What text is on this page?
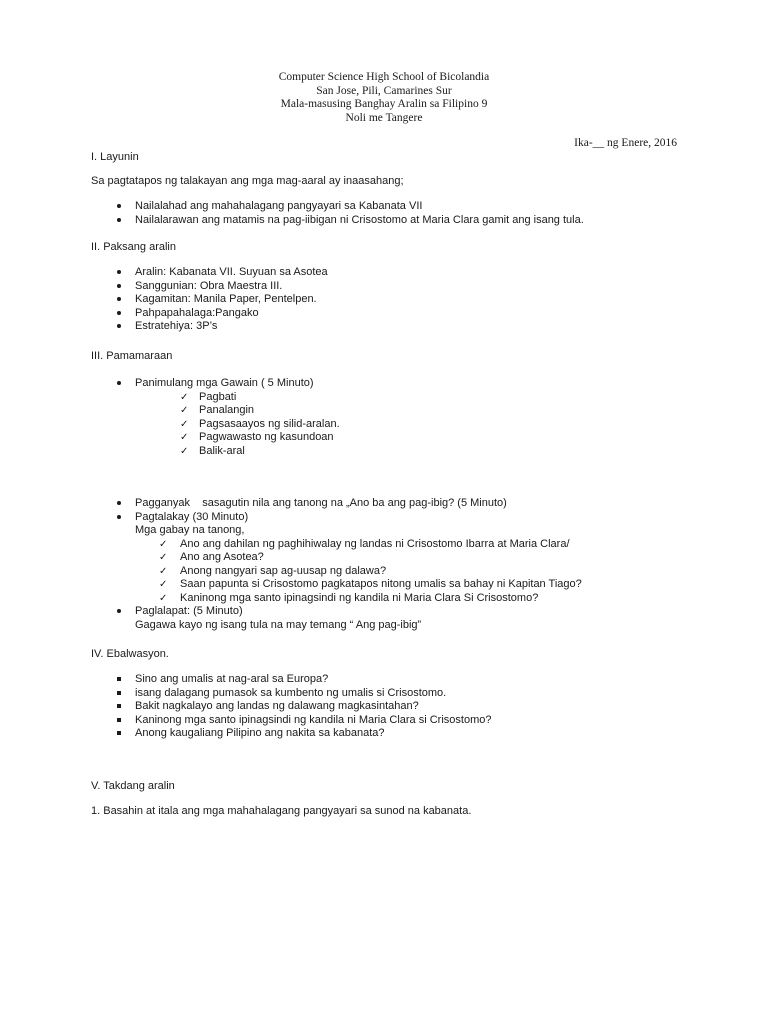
Computer Science High School of Bicolandia
San Jose, Pili, Camarines Sur
Mala-masusing Banghay Aralin sa Filipino 9
Noli me Tangere
Ika-__ ng Enere, 2016
I. Layunin
Sa pagtatapos ng talakayan ang mga mag-aaral ay inaasahang;
Nailalahad ang mahahalagang pangyayari sa Kabanata VII
Nailalarawan ang matamis na pag-iibigan ni Crisostomo at Maria Clara gamit ang isang tula.
II. Paksang aralin
Aralin: Kabanata VII. Suyuan sa Asotea
Sanggunian: Obra Maestra III.
Kagamitan: Manila Paper, Pentelpen.
Pahpapahalaga:Pangako
Estratehiya: 3P’s
III. Pamamaraan
Panimulang mga Gawain ( 5 Minuto)
✓ Pagbati
✓ Panalangin
✓ Pagsasaayos ng silid-aralan.
✓ Pagwawasto ng kasundoan
✓ Balik-aral
Pagganyak    sasagutin nila ang tanong na „Ano ba ang pag-ibig? (5 Minuto)
Pagtalakay (30 Minuto)
Mga gabay na tanong,
✓ Ano ang dahilan ng paghihiwalay ng landas ni Crisostomo Ibarra at Maria Clara/
✓ Ano ang Asotea?
✓ Anong nangyari sap ag-uusap ng dalawa?
✓ Saan papunta si Crisostomo pagkatapos nitong umalis sa bahay ni Kapitan Tiago?
✓ Kaninong mga santo ipinagsindi ng kandila ni Maria Clara Si Crisostomo?
Paglalapat: (5 Minuto)
Gagawa kayo ng isang tula na may temang “ Ang pag-ibig”
IV. Ebalwasyon.
Sino ang umalis at nag-aral sa Europa?
isang dalagang pumasok sa kumbento ng umalis si Crisostomo.
Bakit nagkalayo ang landas ng dalawang magkasintahan?
Kaninong mga santo ipinagsindi ng kandila ni Maria Clara si Crisostomo?
Anong kaugaliang Pilipino ang nakita sa kabanata?
V. Takdang aralin
1. Basahin at itala ang mga mahahalagang pangyayari sa sunod na kabanata.
